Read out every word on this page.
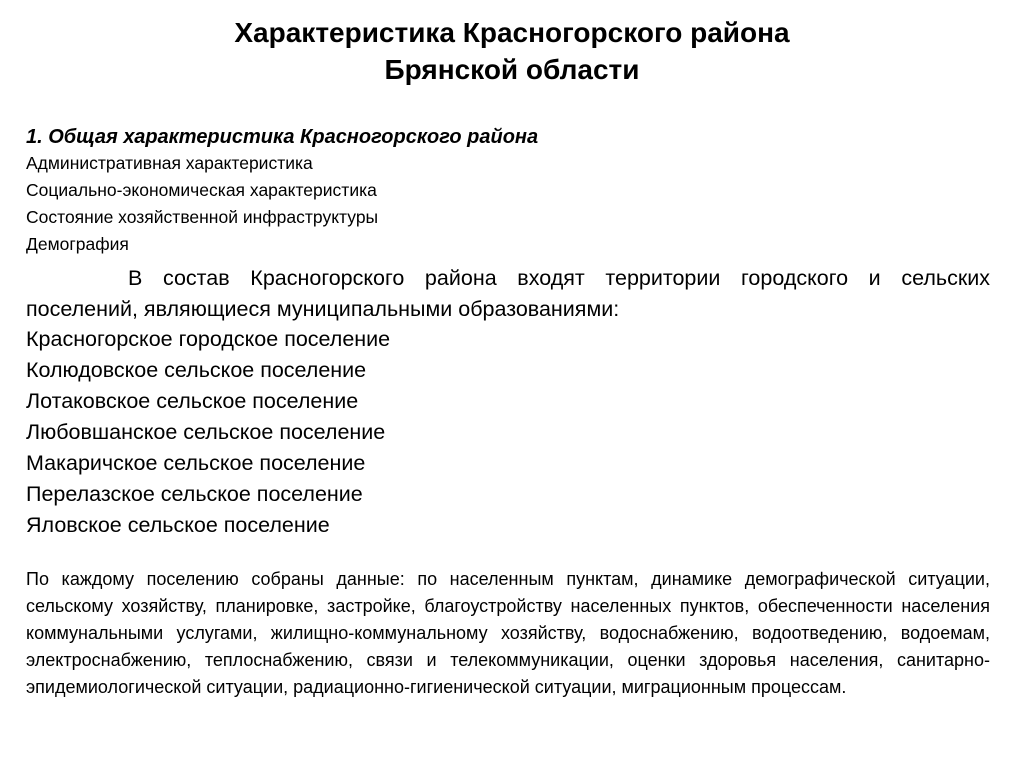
Характеристика Красногорского района
Брянской области
1. Общая характеристика Красногорского района
Административная характеристика
Социально-экономическая характеристика
Состояние хозяйственной инфраструктуры
Демография
В состав Красногорского района входят территории городского и сельских поселений, являющиеся муниципальными образованиями:
Красногорское городское поселение
Колюдовское сельское поселение
Лотаковское сельское поселение
Любовшанское сельское поселение
Макаричское сельское поселение
Перелазское сельское поселение
Яловское сельское поселение
По каждому поселению собраны данные: по населенным пунктам, динамике демографической ситуации, сельскому хозяйству, планировке, застройке, благоустройству населенных пунктов, обеспеченности населения коммунальными услугами, жилищно-коммунальному хозяйству, водоснабжению, водоотведению, водоемам, электроснабжению, теплоснабжению, связи и телекоммуникации, оценки здоровья населения, санитарно-эпидемиологической ситуации, радиационно-гигиенической ситуации, миграционным процессам.
